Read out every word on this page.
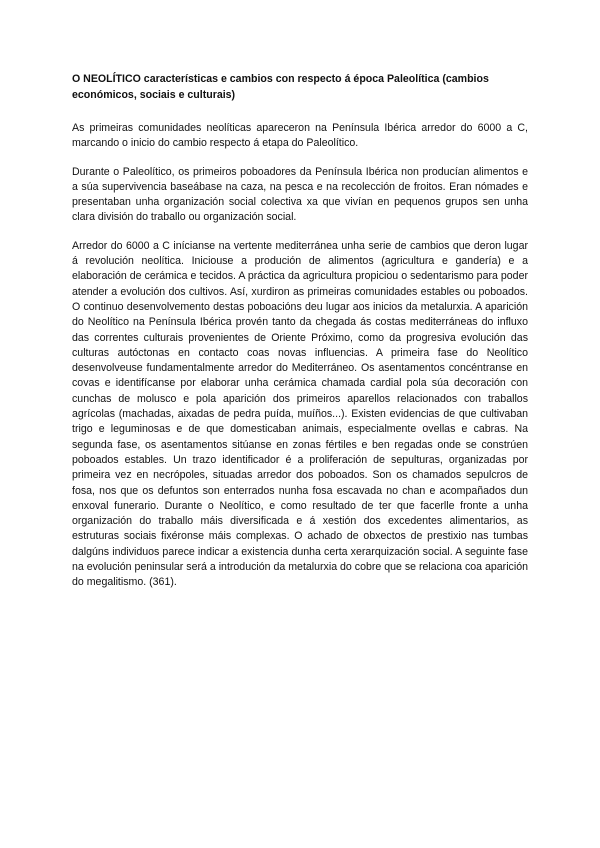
O NEOLÍTICO características e cambios con respecto á época Paleolítica (cambios económicos, sociais e culturais)

As primeiras comunidades neolíticas apareceron na Península Ibérica arredor do 6000 a C, marcando o inicio do cambio respecto á etapa do Paleolítico.

Durante o Paleolítico, os primeiros poboadores da Península Ibérica non producían alimentos e a súa supervivencia baseábase na caza, na pesca e na recolección de froitos. Eran nómades e presentaban unha organización social colectiva xa que vivían en pequenos grupos sen unha clara división do traballo ou organización social.

Arredor do 6000 a C inícianse na vertente mediterránea unha serie de cambios que deron lugar á revolución neolítica. Iniciouse a produción de alimentos (agricultura e gandería) e a elaboración de cerámica e tecidos. A práctica da agricultura propiciou o sedentarismo para poder atender a evolución dos cultivos. Así, xurdiron as primeiras comunidades estables ou poboados. O continuo desenvolvemento destas poboacións deu lugar aos inicios da metalurxia. A aparición do Neolítico na Península Ibérica provén tanto da chegada ás costas mediterráneas do influxo das correntes culturais provenientes de Oriente Próximo, como da progresiva evolución das culturas autóctonas en contacto coas novas influencias. A primeira fase do Neolítico desenvolveuse fundamentalmente arredor do Mediterráneo. Os asentamentos concéntranse en covas e identifícanse por elaborar unha cerámica chamada cardial pola súa decoración con cunchas de molusco e pola aparición dos primeiros aparellos relacionados con traballos agrícolas (machadas, aixadas de pedra puída, muíños...). Existen evidencias de que cultivaban trigo e leguminosas e de que domesticaban animais, especialmente ovellas e cabras. Na segunda fase, os asentamentos sitúanse en zonas fértiles e ben regadas onde se constrúen poboados estables. Un trazo identificador é a proliferación de sepulturas, organizadas por primeira vez en necrópoles, situadas arredor dos poboados. Son os chamados sepulcros de fosa, nos que os defuntos son enterrados nunha fosa escavada no chan e acompañados dun enxoval funerario. Durante o Neolítico, e como resultado de ter que facerlle fronte a unha organización do traballo máis diversificada e á xestión dos excedentes alimentarios, as estruturas sociais fixéronse máis complexas. O achado de obxectos de prestixio nas tumbas dalgúns individuos parece indicar a existencia dunha certa xerarquización social. A seguinte fase na evolución peninsular será a introdución da metalurxia do cobre que se relaciona coa aparición do megalitismo. (361).
